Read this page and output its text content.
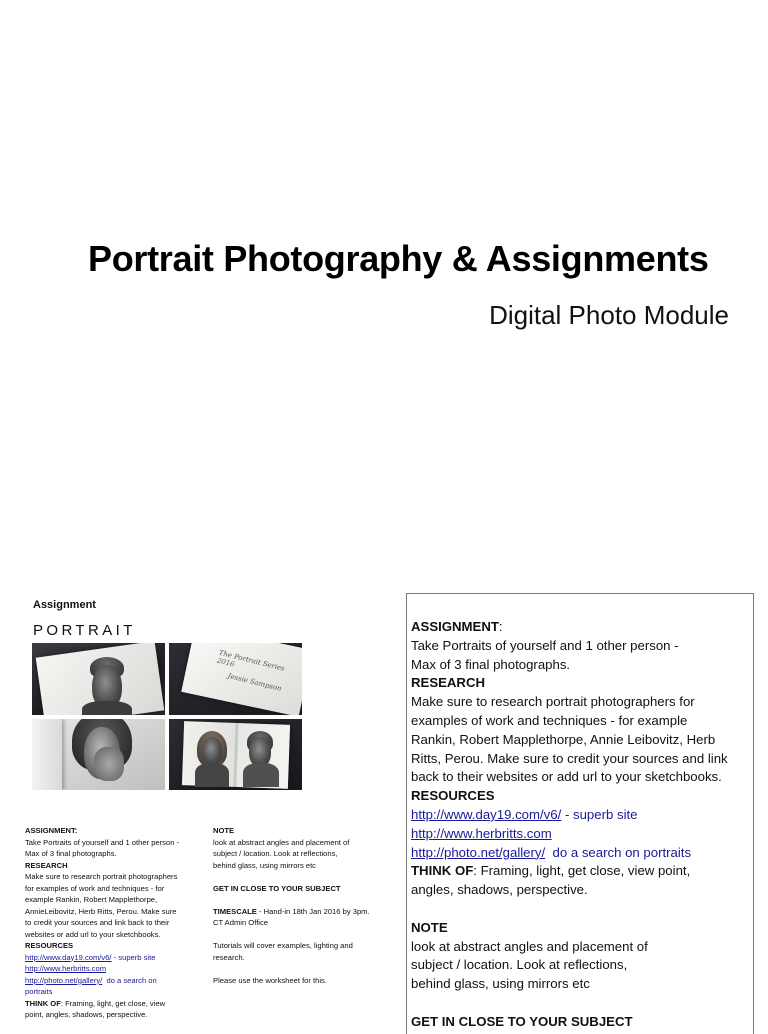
Portrait Photography & Assignments
Digital Photo Module
Assignment
PORTRAIT
The Portrait Series 2016
Jessie Sampson
ASSIGNMENT:
Take Portraits of yourself and 1 other person -
Max of 3 final photographs.
RESEARCH
Make sure to research portrait photographers
for examples of work and techniques - for
example Rankin, Robert Mapplethorpe,
AnnieLeibovitz, Herb Ritts, Perou. Make sure
to credit your sources and link back to their
websites or add url to your sketchbooks.
RESOURCES
http://www.day19.com/v6/ - superb site
http://www.herbritts.com
http://photo.net/gallery/ do a search on
portraits
THINK OF: Framing, light, get close, view
point, angles, shadows, perspective.
NOTE
look at abstract angles and placement of
subject / location. Look at reflections,
behind glass, using mirrors etc
GET IN CLOSE TO YOUR SUBJECT
TIMESCALE - Hand-in 18th Jan 2016 by 3pm.
CT Admin Office
Tutorials will cover examples, lighting and
research.
Please use the worksheet for this.
ASSIGNMENT:
Take Portraits of yourself and 1 other person -
Max of 3 final photographs.
RESEARCH
Make sure to research portrait photographers for
examples of work and techniques - for example
Rankin, Robert Mapplethorpe, Annie Leibovitz, Herb
Ritts, Perou. Make sure to credit your sources and link
back to their websites or add url to your sketchbooks.
RESOURCES
http://www.day19.com/v6/ - superb site
http://www.herbritts.com
http://photo.net/gallery/ do a search on portraits
THINK OF: Framing, light, get close, view point,
angles, shadows, perspective.
NOTE
look at abstract angles and placement of
subject / location. Look at reflections,
behind glass, using mirrors etc
GET IN CLOSE TO YOUR SUBJECT
